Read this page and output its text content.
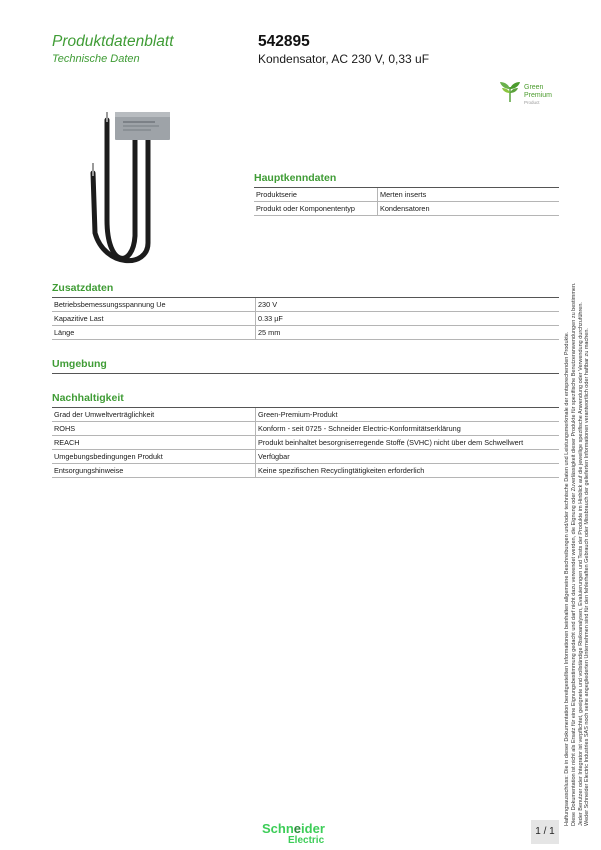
Produktdatenblatt
Technische Daten
542895
Kondensator, AC 230 V, 0,33 uF
Green
Premium
Product
Hauptkenndaten
Produktserie	Merten inserts
Produkt oder Komponententyp	Kondensatoren
Zusatzdaten
Betriebsbemessungsspannung Ue	230 V
Kapazitive Last	0.33 µF
Länge	25 mm
Umgebung
Nachhaltigkeit
Grad der Umweltverträglichkeit	Green-Premium-Produkt
ROHS	Konform - seit 0725 - Schneider Electric-Konformitätserklärung
REACH	Produkt beinhaltet besorgniserregende Stoffe (SVHC) nicht über dem Schwellwert
Umgebungsbedingungen Produkt	Verfügbar
Entsorgungshinweise	Keine spezifischen Recyclingtätigkeiten erforderlich	Haftungsausschluss: Die in dieser Dokumentation bereitgestellten Informationen beinhalten allgemeine Beschreibungen und/oder technische Daten und Leistungsmerkmale der entsprechenden Produkte. Diese Dokumentation ist nicht als Ersatz für eine Eignungsbestimmung gedacht und darf nicht dazu verwendet werden, die Eignung oder Zuverlässigkeit dieser Produkte für spezifische Benutzeranwendungen zu bestimmen. Jeder Benutzer oder Integrator ist verpflichtet, geeignete und vollständige Risikoanalysen, Evaluierungen und Tests der Produkte im Hinblick auf die jeweilige spezifische Anwendung oder Verwendung durchzuführen. Weder Schneider Electric Industries SAS noch seine angegliederten Unternehmen sind für den fehlerhaften Gebrauch oder Missbrauch der gelieferten Informationen verantwortlich oder haftbar zu machen.
Schneider
Electric
1 / 1
